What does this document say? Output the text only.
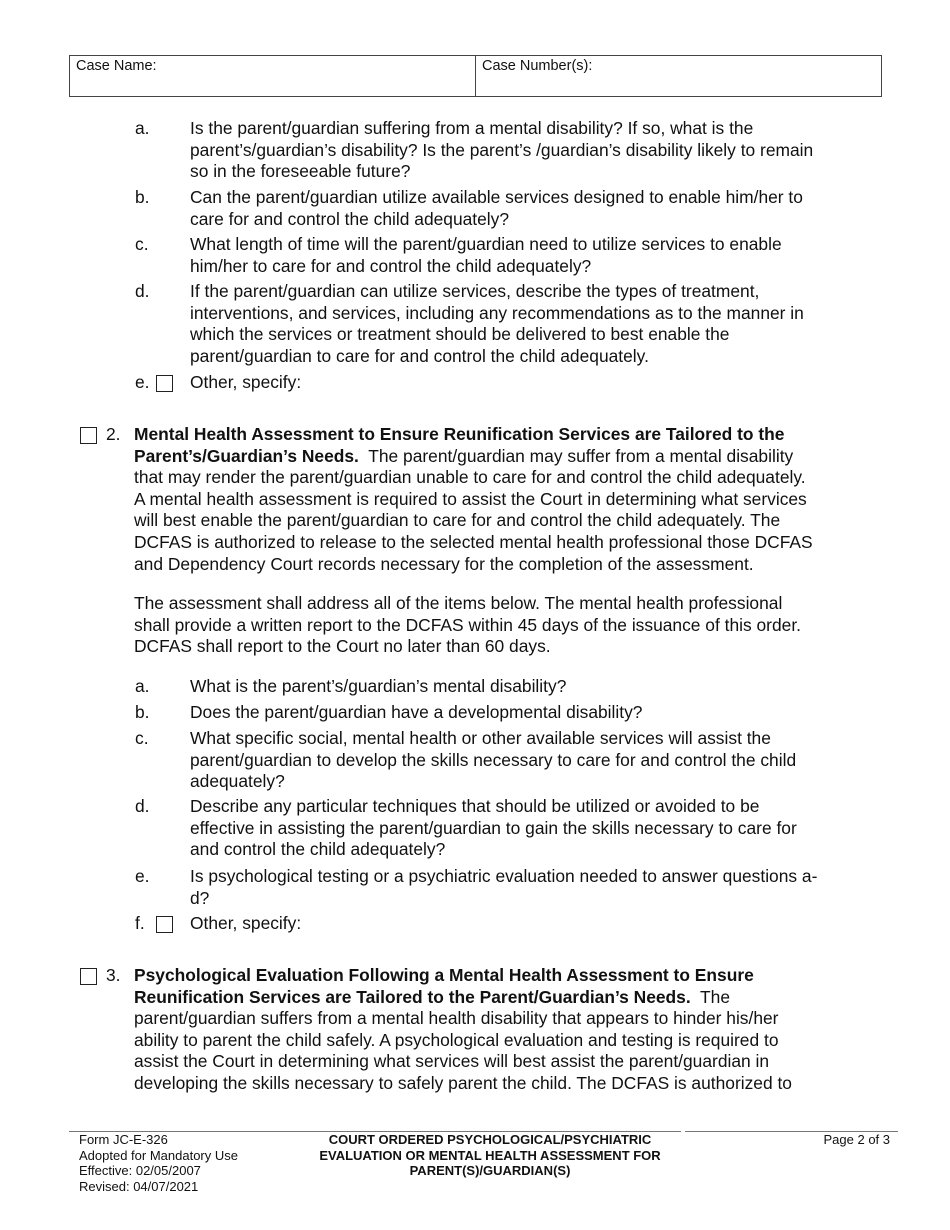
Case Name:	Case Number(s):
2. Mental Health Assessment to Ensure Reunification Services are Tailored to the
Parent’s/Guardian’s Needs.  The parent/guardian may suffer from a mental disability
that may render the parent/guardian unable to care for and control the child adequately.
A mental health assessment is required to assist the Court in determining what services
will best enable the parent/guardian to care for and control the child adequately. The
DCFAS is authorized to release to the selected mental health professional those DCFAS
and Dependency Court records necessary for the completion of the assessment.
The assessment shall address all of the items below. The mental health professional
shall provide a written report to the DCFAS within 45 days of the issuance of this order.
DCFAS shall report to the Court no later than 60 days.
3. Psychological Evaluation Following a Mental Health Assessment to Ensure
Reunification Services are Tailored to the Parent/Guardian’s Needs.  The
parent/guardian suffers from a mental health disability that appears to hinder his/her
ability to parent the child safely. A psychological evaluation and testing is required to
assist the Court in determining what services will best assist the parent/guardian in
developing the skills necessary to safely parent the child. The DCFAS is authorized to
Form JC-E-326
Adopted for Mandatory Use
Effective: 02/05/2007
Revised: 04/07/2021
COURT ORDERED PSYCHOLOGICAL/PSYCHIATRIC
EVALUATION OR MENTAL HEALTH ASSESSMENT FOR
PARENT(S)/GUARDIAN(S)
Page 2 of 3
a. Is the parent/guardian suffering from a mental disability? If so, what is the
parent’s/guardian’s disability? Is the parent’s /guardian’s disability likely to remain
so in the foreseeable future?
b. Can the parent/guardian utilize available services designed to enable him/her to
care for and control the child adequately?
c. What length of time will the parent/guardian need to utilize services to enable
him/her to care for and control the child adequately?
d. If the parent/guardian can utilize services, describe the types of treatment,
interventions, and services, including any recommendations as to the manner in
which the services or treatment should be delivered to best enable the
parent/guardian to care for and control the child adequately.
e. Other, specify:
a. What is the parent’s/guardian’s mental disability?
b. Does the parent/guardian have a developmental disability?
c. What specific social, mental health or other available services will assist the
parent/guardian to develop the skills necessary to care for and control the child
adequately?
d. Describe any particular techniques that should be utilized or avoided to be
effective in assisting the parent/guardian to gain the skills necessary to care for
and control the child adequately?
e. Is psychological testing or a psychiatric evaluation needed to answer questions a-
d?
f.	Other, specify:
